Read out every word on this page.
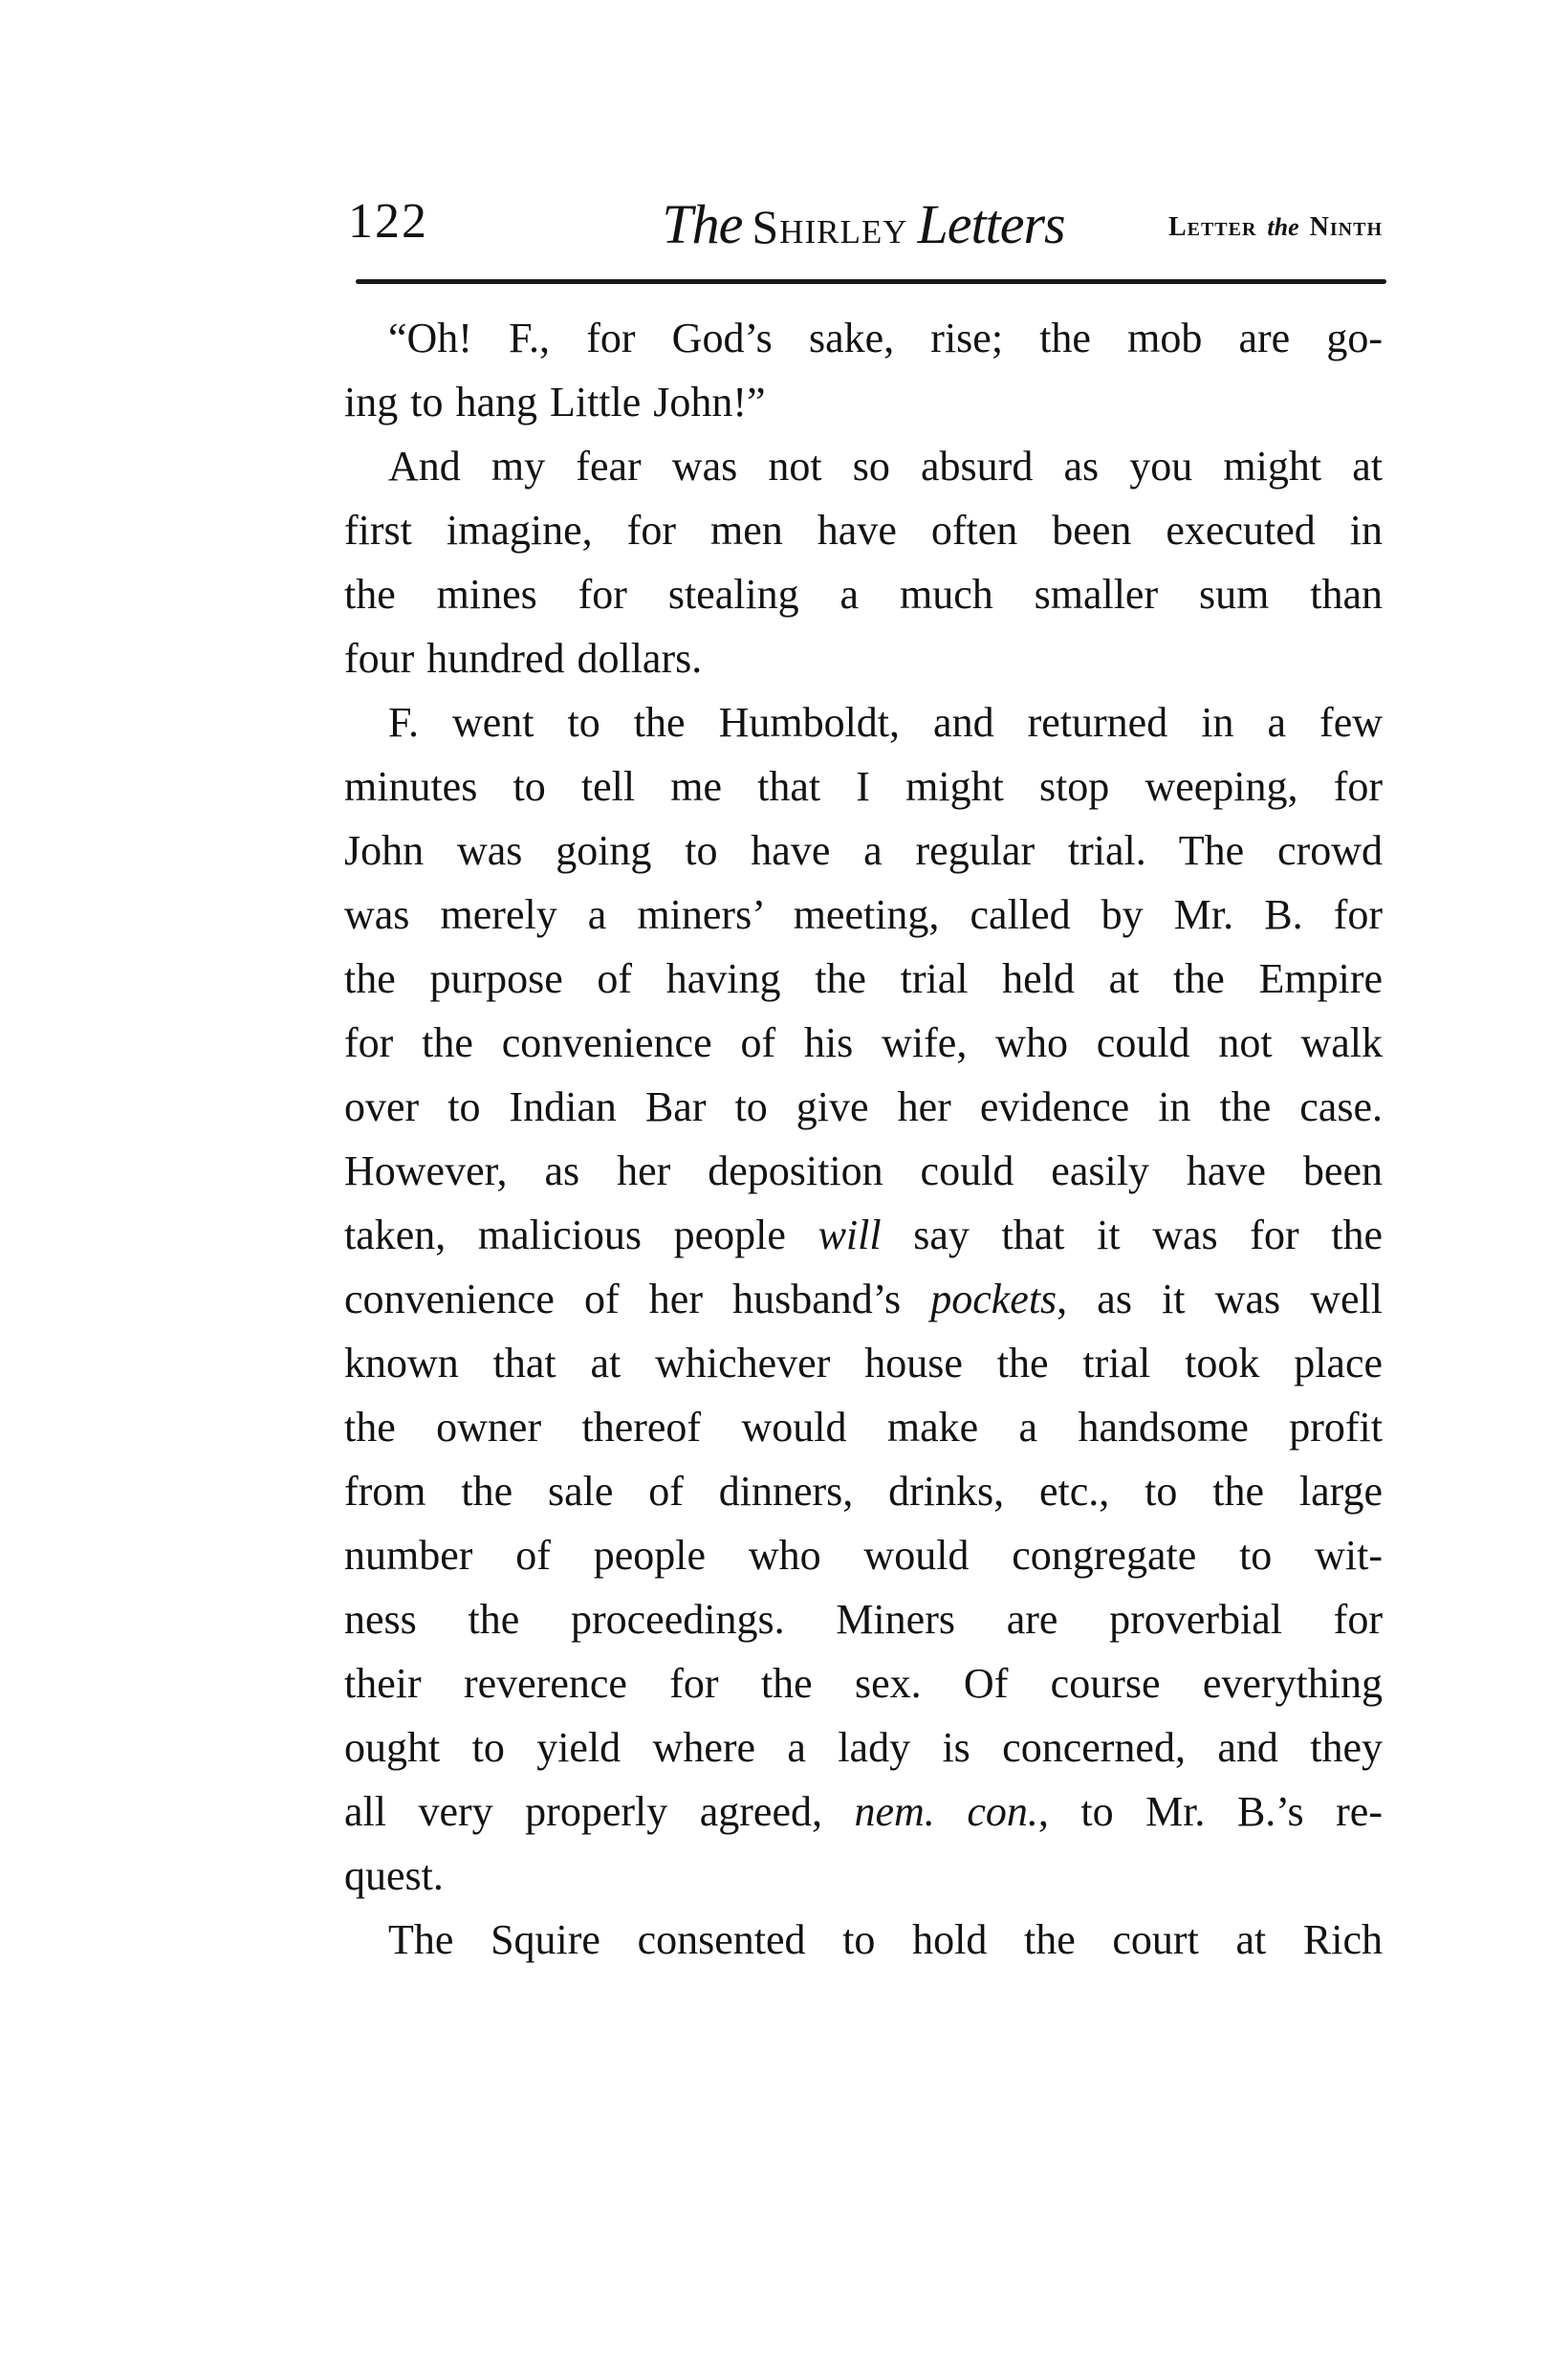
122	The Shirley Letters	Letter the Ninth
“Oh! F., for God’s sake, rise; the mob are go-
ing to hang Little John!”
And my fear was not so absurd as you might at
first imagine, for men have often been executed in
the mines for stealing a much smaller sum than
four hundred dollars.
F. went to the Humboldt, and returned in a few
minutes to tell me that I might stop weeping, for
John was going to have a regular trial. The crowd
was merely a miners’ meeting, called by Mr. B. for
the purpose of having the trial held at the Empire
for the convenience of his wife, who could not walk
over to Indian Bar to give her evidence in the case.
However, as her deposition could easily have been
taken, malicious people will say that it was for the
convenience of her husband’s pockets, as it was well
known that at whichever house the trial took place
the owner thereof would make a handsome profit
from the sale of dinners, drinks, etc., to the large
number of people who would congregate to wit-
ness the proceedings. Miners are proverbial for
their reverence for the sex. Of course everything
ought to yield where a lady is concerned, and they
all very properly agreed, nem. con., to Mr. B.’s re-
quest.
The Squire consented to hold the court at Rich
